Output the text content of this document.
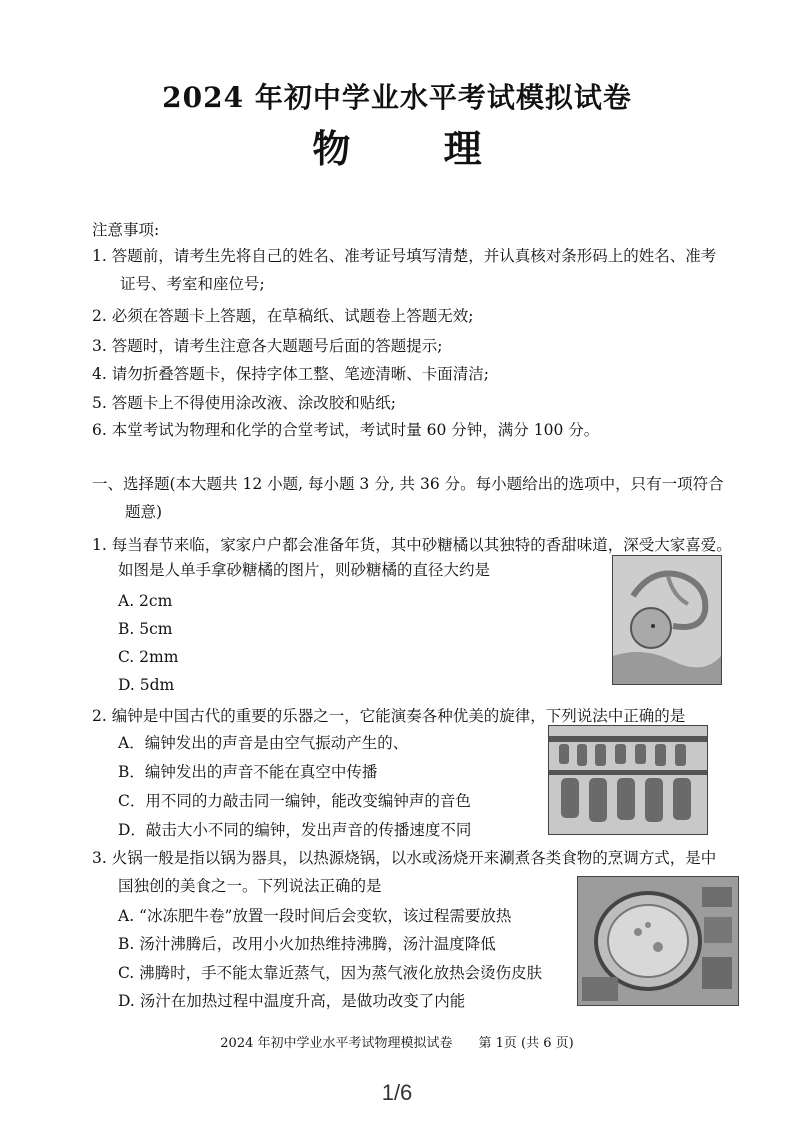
2024 年初中学业水平考试模拟试卷
物 理
注意事项:
1. 答题前，请考生先将自己的姓名、准考证号填写清楚，并认真核对条形码上的姓名、准考
证号、考室和座位号;
2. 必须在答题卡上答题，在草稿纸、试题卷上答题无效;
3. 答题时，请考生注意各大题题号后面的答题提示;
4. 请勿折叠答题卡，保持字体工整、笔迹清晰、卡面清洁;
5. 答题卡上不得使用涂改液、涂改胶和贴纸;
6. 本堂考试为物理和化学的合堂考试，考试时量 60 分钟，满分 100 分。
一、选择题(本大题共 12 小题, 每小题 3 分, 共 36 分。每小题给出的选项中，只有一项符合
题意)
1. 每当春节来临，家家户户都会准备年货，其中砂糖橘以其独特的香甜味道，深受大家喜爱。
如图是人单手拿砂糖橘的图片，则砂糖橘的直径大约是
A. 2cm
B. 5cm
C. 2mm
D. 5dm
2. 编钟是中国古代的重要的乐器之一，它能演奏各种优美的旋律，下列说法中正确的是
A．编钟发出的声音是由空气振动产生的、
B．编钟发出的声音不能在真空中传播
C．用不同的力敲击同一编钟，能改变编钟声的音色
D．敲击大小不同的编钟，发出声音的传播速度不同
3. 火锅一般是指以锅为器具，以热源烧锅，以水或汤烧开来涮煮各类食物的烹调方式，是中
国独创的美食之一。下列说法正确的是
A. “冰冻肥牛卷”放置一段时间后会变软，该过程需要放热
B. 汤汁沸腾后，改用小火加热维持沸腾，汤汁温度降低
C. 沸腾时，手不能太靠近蒸气，因为蒸气液化放热会烫伤皮肤
D. 汤汁在加热过程中温度升高，是做功改变了内能
2024 年初中学业水平考试物理模拟试卷　　第 1页 (共 6 页)
1/6
